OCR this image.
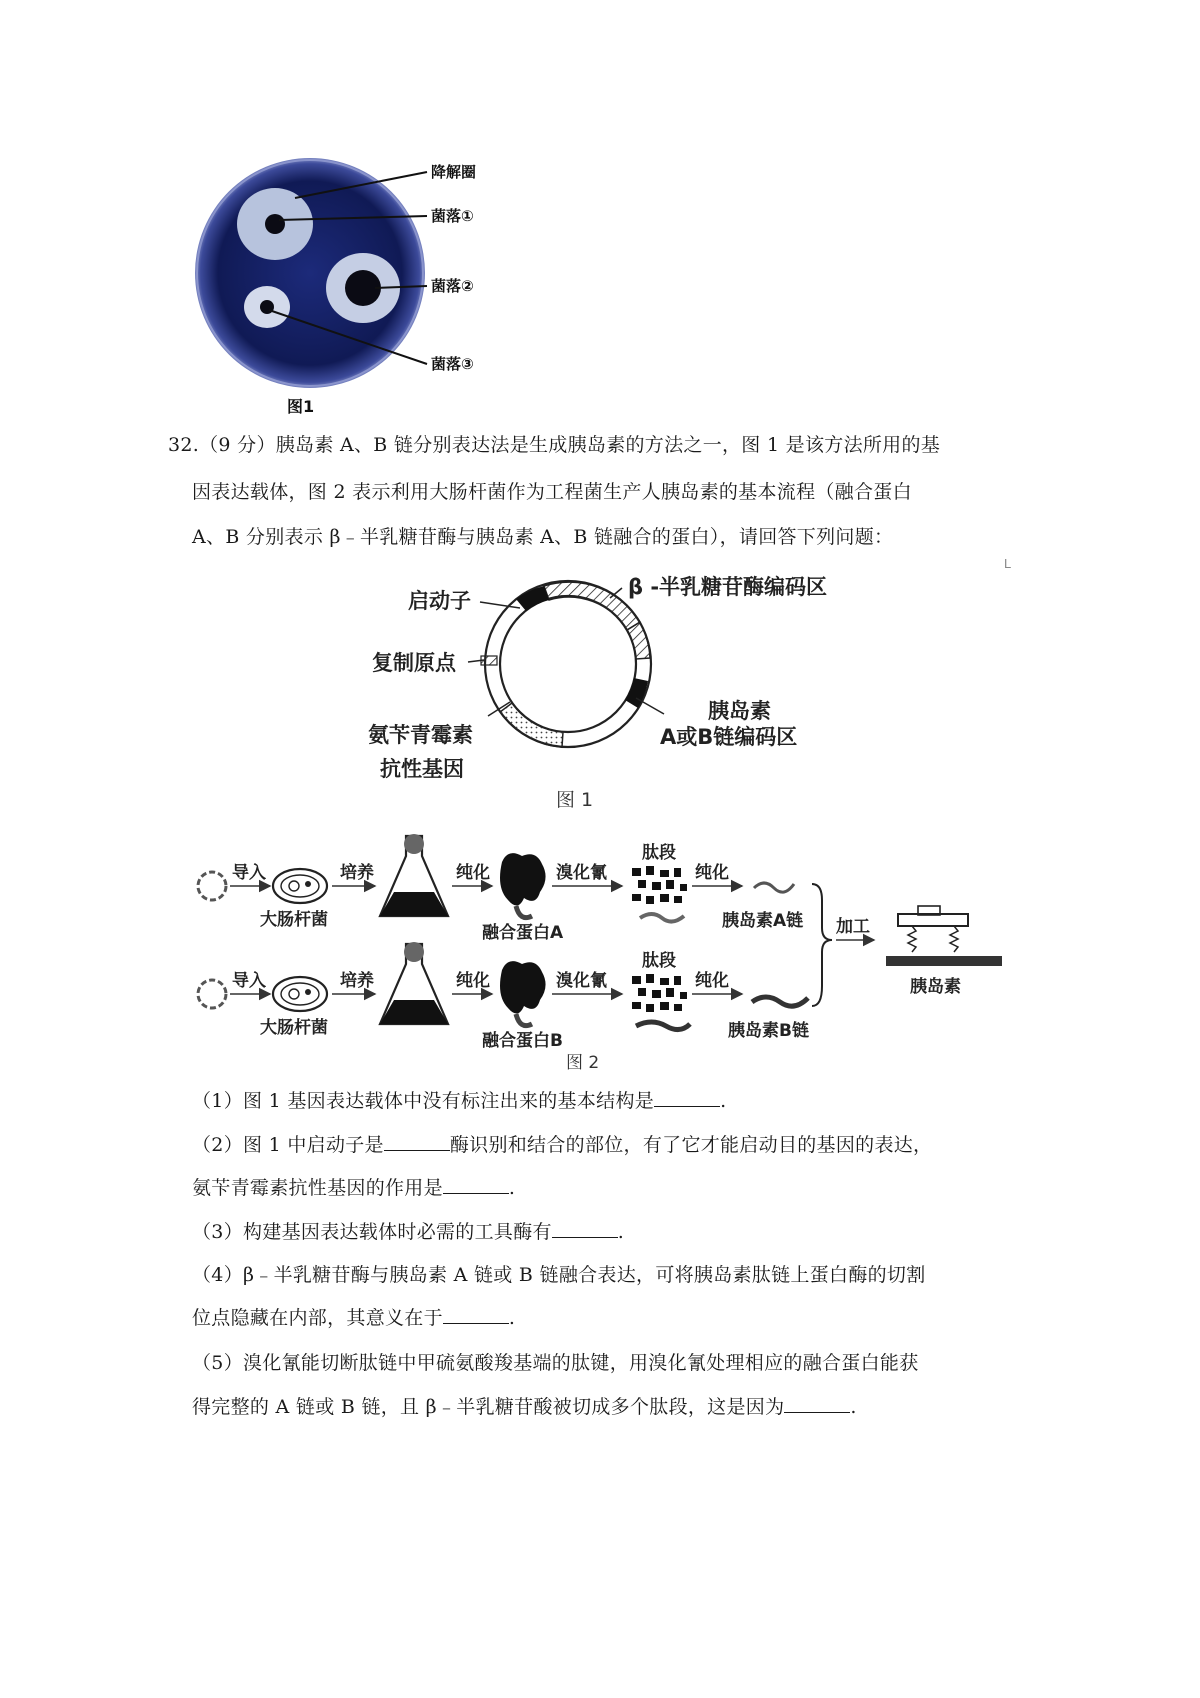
降解圈
菌落①
菌落②
菌落③
图1
32.（9 分）胰岛素 A、B 链分别表达法是生成胰岛素的方法之一，图 1 是该方法所用的基
因表达载体，图 2 表示利用大肠杆菌作为工程菌生产人胰岛素的基本流程（融合蛋白
A、B 分别表示 β﹣半乳糖苷酶与胰岛素 A、B 链融合的蛋白），请回答下列问题：
L
启动子
β -半乳糖苷酶编码区
复制原点
胰岛素
A或B链编码区
氨苄青霉素
抗性基因
图 1
导入
大肠杆菌
培养	纯化
融合蛋白A
溴化氰
肽段
纯化
胰岛素A链
导入
大肠杆菌
培养	纯化
融合蛋白B
溴化氰
肽段
纯化
胰岛素B链
加工
胰岛素
图 2
（1）图 1 基因表达载体中没有标注出来的基本结构是	.
（2）图 1 中启动子是	酶识别和结合的部位，有了它才能启动目的基因的表达，
氨苄青霉素抗性基因的作用是	.
（3）构建基因表达载体时必需的工具酶有	.
（4）β﹣半乳糖苷酶与胰岛素 A 链或 B 链融合表达，可将胰岛素肽链上蛋白酶的切割
位点隐藏在内部，其意义在于	.
（5）溴化氰能切断肽链中甲硫氨酸羧基端的肽键，用溴化氰处理相应的融合蛋白能获
得完整的 A 链或 B 链，且 β﹣半乳糖苷酸被切成多个肽段，这是因为	.
